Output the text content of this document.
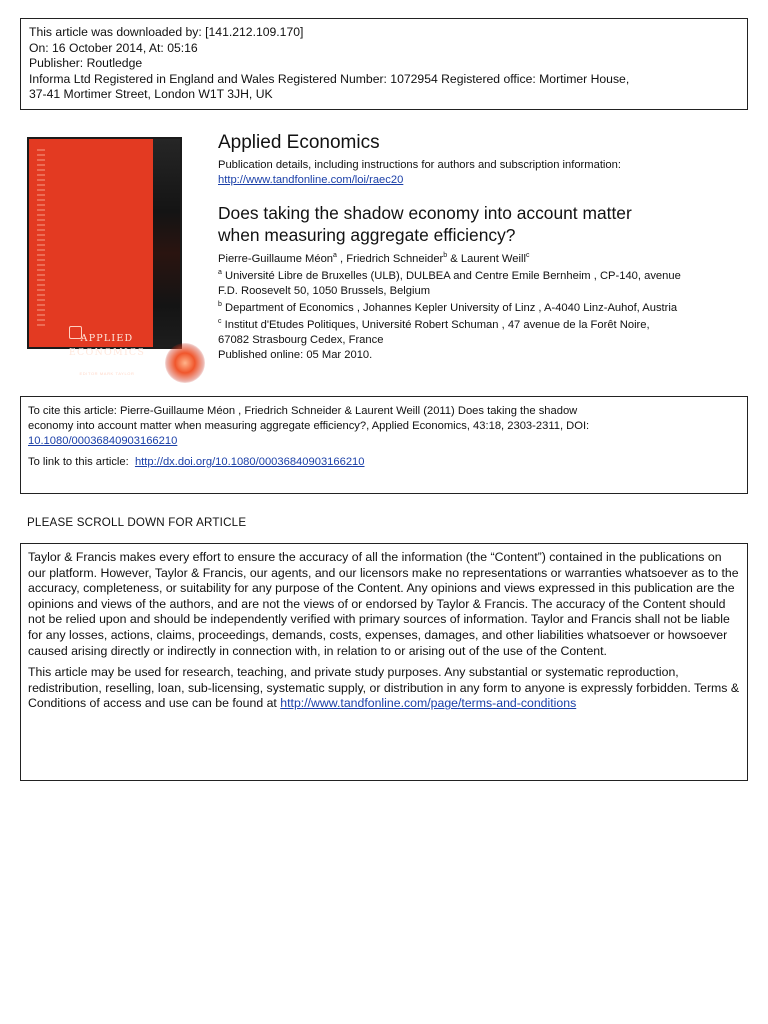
This article was downloaded by: [141.212.109.170]
On: 16 October 2014, At: 05:16
Publisher: Routledge
Informa Ltd Registered in England and Wales Registered Number: 1072954 Registered office: Mortimer House,
37-41 Mortimer Street, London W1T 3JH, UK
APPLIED
ECONOMICS
EDITOR MARK TAYLOR
Applied Economics
Publication details, including instructions for authors and subscription information:
http://www.tandfonline.com/loi/raec20
Does taking the shadow economy into account matter
when measuring aggregate efficiency?
Pierre-Guillaume Méon$^a$ , Friedrich Schneider$^b$ & Laurent Weill$^c$
$^a$ Université Libre de Bruxelles (ULB), DULBEA and Centre Emile Bernheim , CP-140, avenue
F.D. Roosevelt 50, 1050 Brussels, Belgium
$^b$ Department of Economics , Johannes Kepler University of Linz , A-4040 Linz-Auhof, Austria
$^c$ Institut d'Etudes Politiques, Université Robert Schuman , 47 avenue de la Forêt Noire,
67082 Strasbourg Cedex, France
Published online: 05 Mar 2010.
To cite this article: Pierre-Guillaume Méon , Friedrich Schneider & Laurent Weill (2011) Does taking the shadow
economy into account matter when measuring aggregate efficiency?, Applied Economics, 43:18, 2303-2311, DOI:
10.1080/00036840903166210
To link to this article: http://dx.doi.org/10.1080/00036840903166210
PLEASE SCROLL DOWN FOR ARTICLE

Taylor & Francis makes every effort to ensure the accuracy of all the information (the “Content”) contained in the publications on our platform. However, Taylor & Francis, our agents, and our licensors make no representations or warranties whatsoever as to the accuracy, completeness, or suitability for any purpose of the Content. Any opinions and views expressed in this publication are the opinions and views of the authors, and are not the views of or endorsed by Taylor & Francis. The accuracy of the Content should not be relied upon and should be independently verified with primary sources of information. Taylor and Francis shall not be liable for any losses, actions, claims, proceedings, demands, costs, expenses, damages, and other liabilities whatsoever or howsoever caused arising directly or indirectly in connection with, in relation to or arising out of the use of the Content.

This article may be used for research, teaching, and private study purposes. Any substantial or systematic reproduction, redistribution, reselling, loan, sub-licensing, systematic supply, or distribution in any form to anyone is expressly forbidden. Terms & Conditions of access and use can be found at http://www.tandfonline.com/page/terms-and-conditions
